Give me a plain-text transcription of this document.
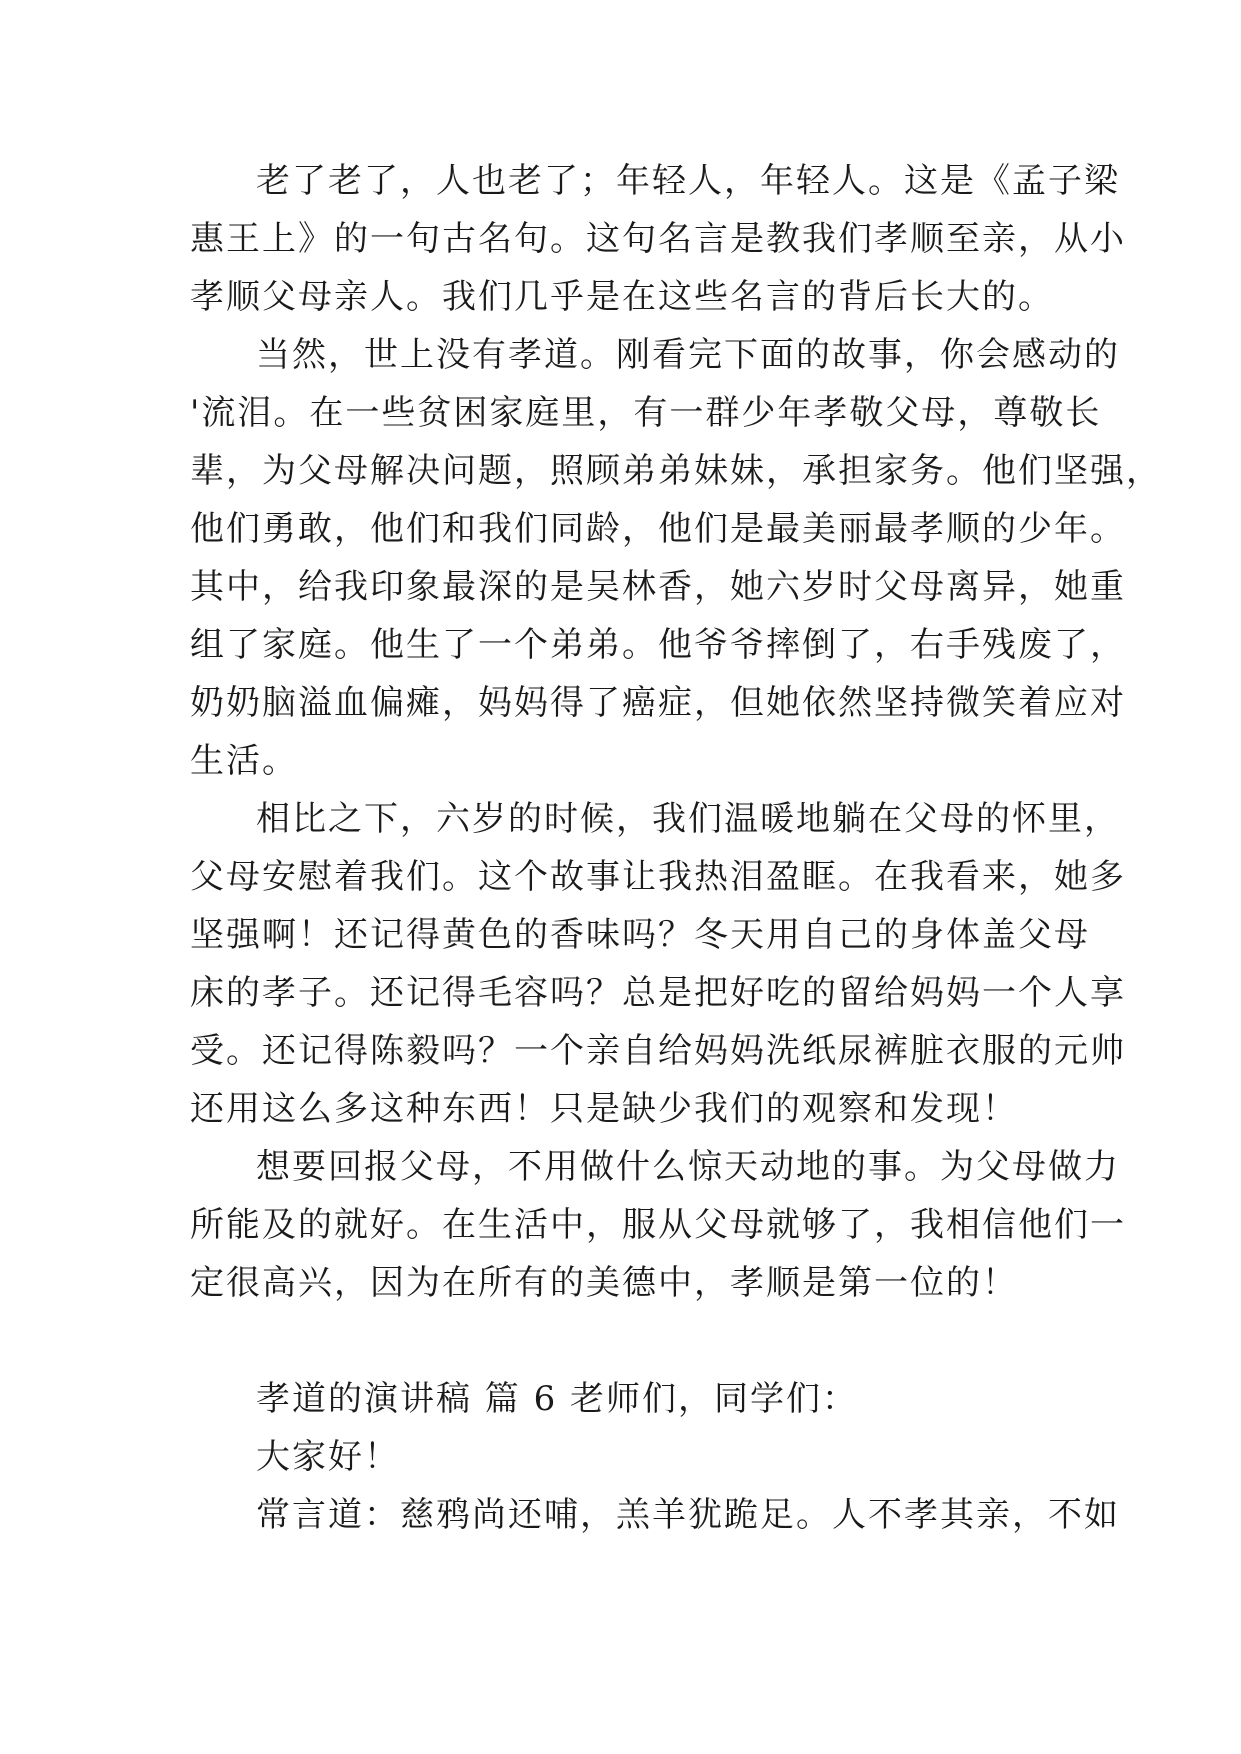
老了老了，人也老了；年轻人，年轻人。这是《孟子梁
惠王上》的一句古名句。这句名言是教我们孝顺至亲，从小
孝顺父母亲人。我们几乎是在这些名言的背后长大的。
当然，世上没有孝道。刚看完下面的故事，你会感动的
'流泪。在一些贫困家庭里，有一群少年孝敬父母，尊敬长
辈，为父母解决问题，照顾弟弟妹妹，承担家务。他们坚强，
他们勇敢，他们和我们同龄，他们是最美丽最孝顺的少年。
其中，给我印象最深的是吴林香，她六岁时父母离异，她重
组了家庭。他生了一个弟弟。他爷爷摔倒了，右手残废了，
奶奶脑溢血偏瘫，妈妈得了癌症，但她依然坚持微笑着应对
生活。
相比之下，六岁的时候，我们温暖地躺在父母的怀里，
父母安慰着我们。这个故事让我热泪盈眶。在我看来，她多
坚强啊！还记得黄色的香味吗？冬天用自己的身体盖父母
床的孝子。还记得毛容吗？总是把好吃的留给妈妈一个人享
受。还记得陈毅吗？一个亲自给妈妈洗纸尿裤脏衣服的元帅
还用这么多这种东西！只是缺少我们的观察和发现！
想要回报父母，不用做什么惊天动地的事。为父母做力
所能及的就好。在生活中，服从父母就够了，我相信他们一
定很高兴，因为在所有的美德中，孝顺是第一位的！
孝道的演讲稿 篇 6 老师们，同学们：
大家好！
常言道：慈鸦尚还哺，羔羊犹跪足。人不孝其亲，不如
